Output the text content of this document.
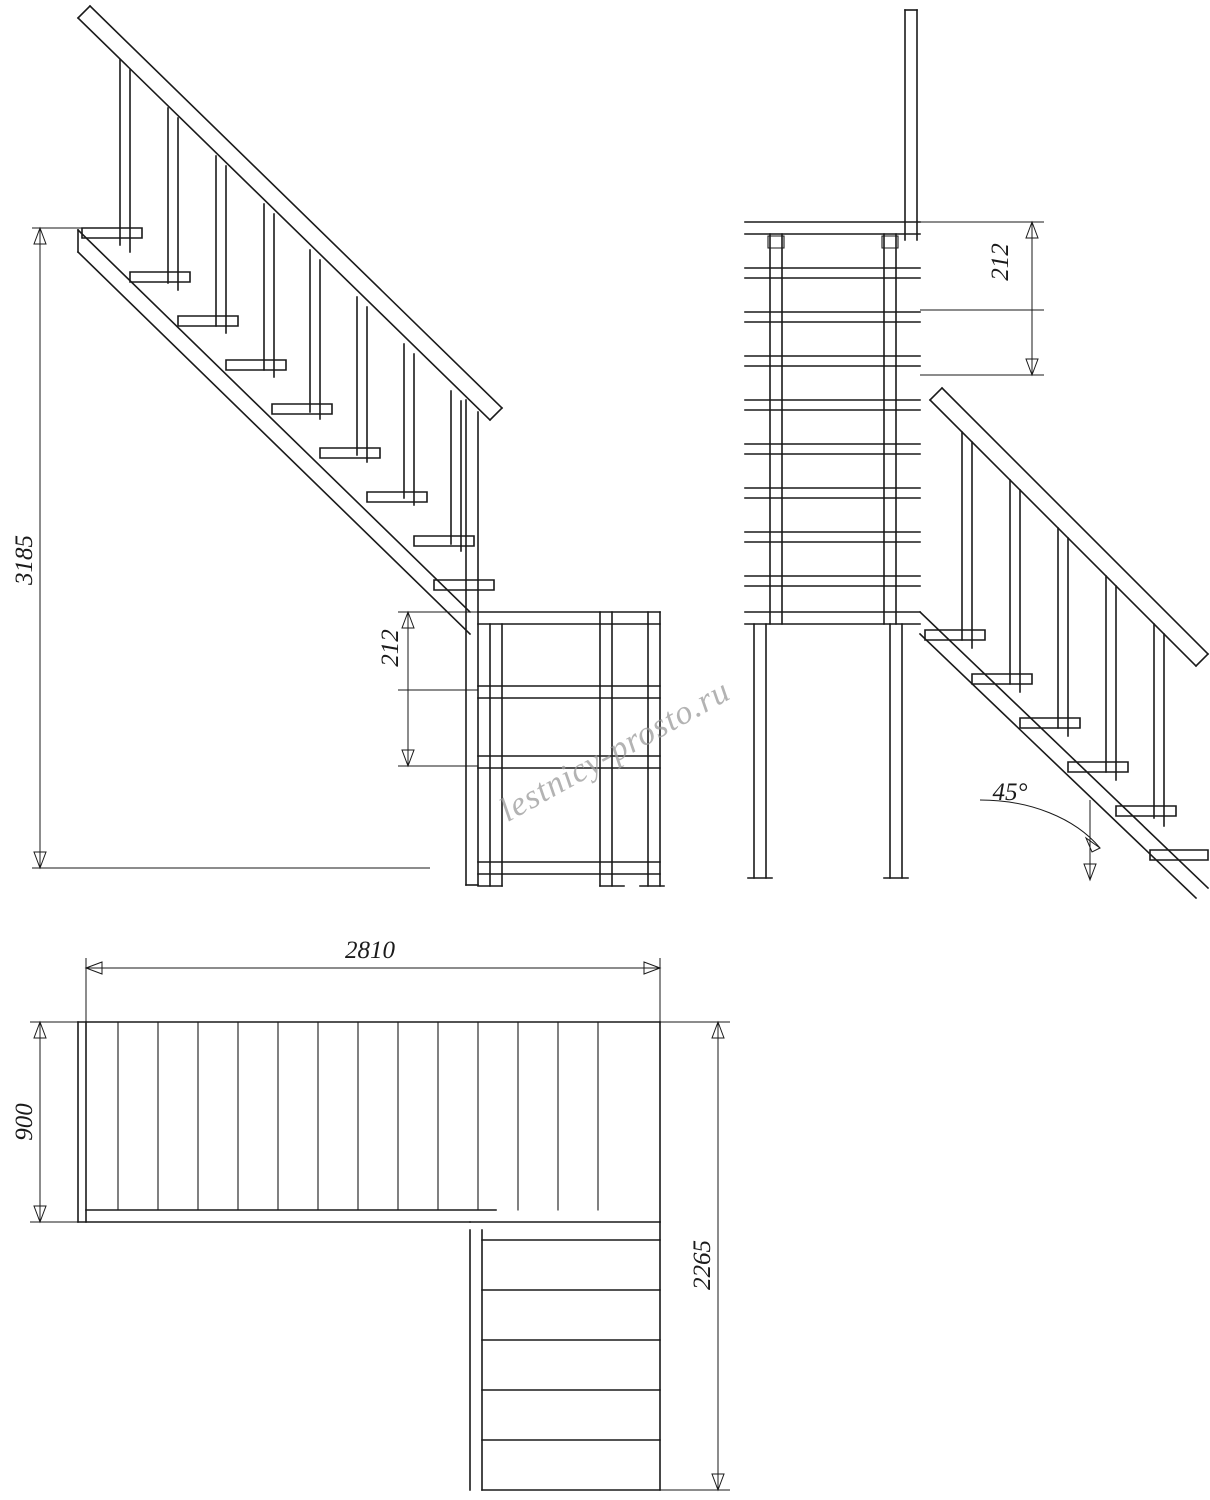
3185
212
45°
212
lestnicy-prosto.ru
2810
900
2265
